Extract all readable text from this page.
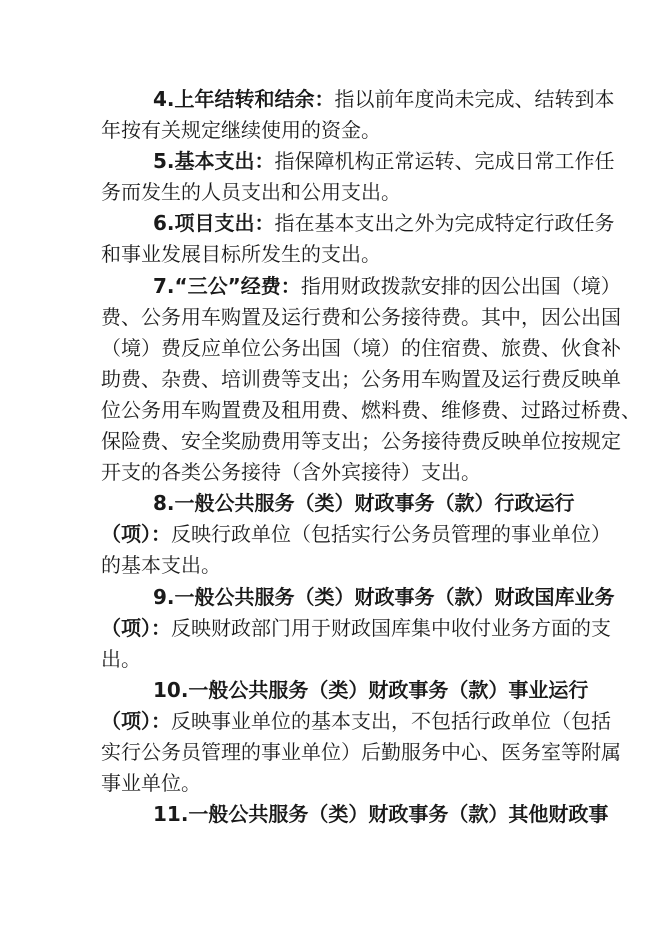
4.上年结转和结余：指以前年度尚未完成、结转到本
年按有关规定继续使用的资金。
5.基本支出：指保障机构正常运转、完成日常工作任
务而发生的人员支出和公用支出。
6.项目支出：指在基本支出之外为完成特定行政任务
和事业发展目标所发生的支出。
7.“三公”经费：指用财政拨款安排的因公出国（境）
费、公务用车购置及运行费和公务接待费。其中，因公出国
（境）费反应单位公务出国（境）的住宿费、旅费、伙食补
助费、杂费、培训费等支出；公务用车购置及运行费反映单
位公务用车购置费及租用费、燃料费、维修费、过路过桥费、
保险费、安全奖励费用等支出；公务接待费反映单位按规定
开支的各类公务接待（含外宾接待）支出。
8.一般公共服务（类）财政事务（款）行政运行
（项）：反映行政单位（包括实行公务员管理的事业单位）
的基本支出。
9.一般公共服务（类）财政事务（款）财政国库业务
（项）：反映财政部门用于财政国库集中收付业务方面的支
出。
10.一般公共服务（类）财政事务（款）事业运行
（项）：反映事业单位的基本支出，不包括行政单位（包括
实行公务员管理的事业单位）后勤服务中心、医务室等附属
事业单位。
11.一般公共服务（类）财政事务（款）其他财政事
